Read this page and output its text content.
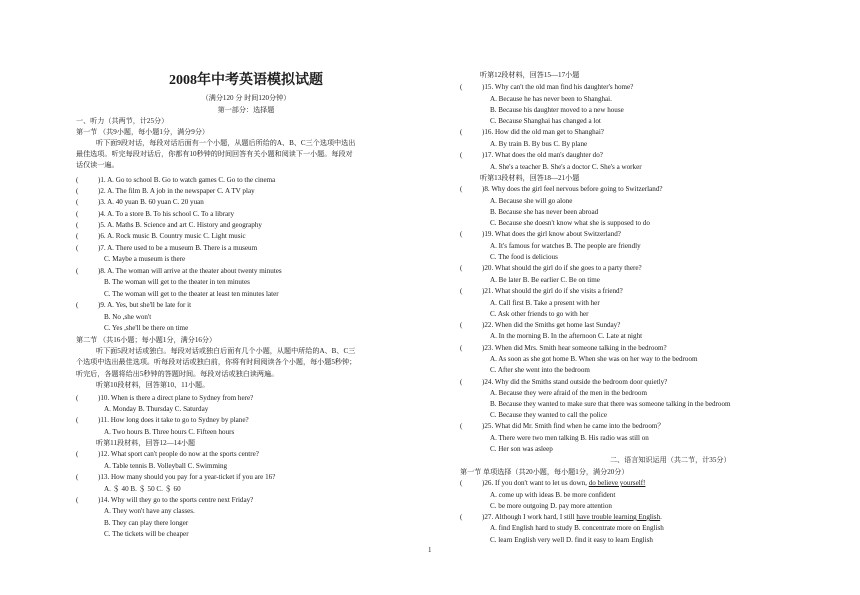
2008年中考英语模拟试题
（满分120 分 时间120分钟）
第一部分：选择题
一、听力（共两节，计25分）
第一节 （共9小题，每小题1分，满分9分）
听下面9段对话，每段对话后面有一个小题，从题后所给的A、B、C三个选项中选出
最佳选项。听完每段对话后，你都有10秒钟的时间回答有关小题和阅读下一小题。每段对
话仅读一遍。
(	)1. A. Go to school B. Go to watch games C. Go to the cinema
(	)2. A. The film B. A job in the newspaper C. A TV play
(	)3. A. 40 yuan B. 60 yuan C. 20 yuan
(	)4. A. To a store B. To his school C. To a library
(	)5. A. Maths B. Science and art C. History and geography
(	)6. A. Rock music B. Country music C. Light music
(	)7. A. There used to be a museum B. There is a museum
C. Maybe a museum is there
(	)8. A. The woman will arrive at the theater about twenty minutes
B. The woman will get to the theater in ten minutes
C. The woman will get to the theater at least ten minutes later
(	)9. A. Yes, but she'll be late for it
B. No ,she won't
C. Yes ,she'll be there on time
第二节 （共16小题；每小题1分，满分16分）
听下面5段对话或独白。每段对话或独白后面有几个小题，从题中所给的A、B、C三
个选项中选出最佳选项。听每段对话或独白前，你将有时间阅读各个小题，每小题5秒钟；
听完后，各题将给出5秒钟的答题时间。每段对话或独白读两遍。
听第10段材料，回答第10、11小题。
(	)10. When is there a direct plane to Sydney from here?
A. Monday B. Thursday C. Saturday
(	)11. How long does it take to go to Sydney by plane?
A. Two hours B. Three hours C. Fifteen hours
听第11段材料，回答12—14小题
(	)12. What sport can't people do now at the sports centre?
A. Table tennis B. Volleyball C. Swimming
(	)13. How many should you pay for a year-ticket if you are 16?
A. ＄ 40 B. ＄ 50 C. ＄ 60
(	)14. Why will they go to the sports centre next Friday?
A. They won't have any classes.
B. They can play there longer
C. The tickets will be cheaper
听第12段材料，回答15—17小题
(	)15. Why can't the old man find his daughter's home?
A. Because he has never been to Shanghai.
B. Because his daughter moved to a new house
C. Because Shanghai has changed a lot
(	)16. How did the old man get to Shanghai?
A. By train B. By bus C. By plane
(	)17. What does the old man's daughter do?
A. She's a teacher B. She's a doctor C. She's a worker
听第13段材料，回答18—21小题
(	)8. Why does the girl feel nervous before going to Switzerland?
A. Because she will go alone
B. Because she has never been abroad
C. Because she doesn't know what she is supposed to do
(	)19. What does the girl know about Switzerland?
A. It's famous for watches B. The people are friendly
C. The food is delicious
(	)20. What should the girl do if she goes to a party there?
A. Be later B. Be earlier C. Be on time
(	)21. What should the girl do if she visits a friend?
A. Call first B. Take a present with her
C. Ask other friends to go with her
(	)22. When did the Smiths get home last Sunday?
A. In the morning B. In the afternoon C. Late at night
(	)23. When did Mrs. Smith hear someone talking in the bedroom?
A. As soon as she got home B. When she was on her way to the bedroom
C. After she went into the bedroom
(	)24. Why did the Smiths stand outside the bedroom door quietly?
A. Because they were afraid of the men in the bedroom
B. Because they wanted to make sure that there was someone talking in the bedroom
C. Because they wanted to call the police
(	)25. What did Mr. Smith find when he came into the bedroom？
A. There were two men talking B. His radio was still on
C. Her son was asleep
二、语言知识运用（共二节，计35分）
第一节 单项选择（共20小题，每小题1分，满分20分）
(	)26. If you don't want to let us down, do believe yourself!
A. come up with ideas B. be more confident
C. be more outgoing D. pay more attention
(	)27. Although I work hard, I still have trouble learning English.
A. find English hard to study B. concentrate more on English
C. learn English very well D. find it easy to learn English
1
